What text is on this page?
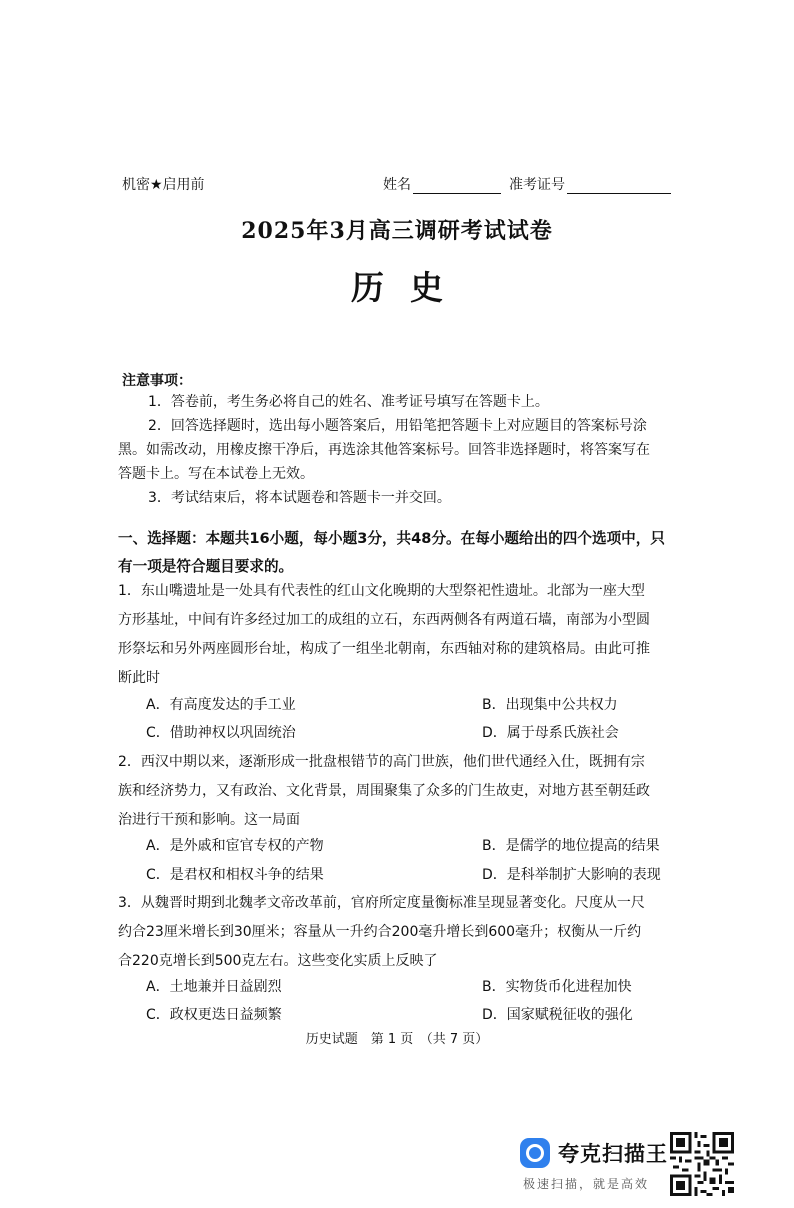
机密★启用前	姓名	准考证号
2025年3月高三调研考试试卷
历史
注意事项：
1．答卷前，考生务必将自己的姓名、准考证号填写在答题卡上。
2．回答选择题时，选出每小题答案后，用铅笔把答题卡上对应题目的答案标号涂
黑。如需改动，用橡皮擦干净后，再选涂其他答案标号。回答非选择题时，将答案写在
答题卡上。写在本试卷上无效。
3．考试结束后，将本试题卷和答题卡一并交回。
一、选择题：本题共16小题，每小题3分，共48分。在每小题给出的四个选项中，只
有一项是符合题目要求的。
1．东山嘴遗址是一处具有代表性的红山文化晚期的大型祭祀性遗址。北部为一座大型
方形基址，中间有许多经过加工的成组的立石，东西两侧各有两道石墙，南部为小型圆
形祭坛和另外两座圆形台址，构成了一组坐北朝南，东西轴对称的建筑格局。由此可推
断此时
A．有高度发达的手工业	B．出现集中公共权力
C．借助神权以巩固统治	D．属于母系氏族社会
2．西汉中期以来，逐渐形成一批盘根错节的高门世族，他们世代通经入仕，既拥有宗
族和经济势力，又有政治、文化背景，周围聚集了众多的门生故吏，对地方甚至朝廷政
治进行干预和影响。这一局面
A．是外戚和宦官专权的产物	B．是儒学的地位提高的结果
C．是君权和相权斗争的结果	D．是科举制扩大影响的表现
3．从魏晋时期到北魏孝文帝改革前，官府所定度量衡标准呈现显著变化。尺度从一尺
约合23厘米增长到30厘米；容量从一升约合200毫升增长到600毫升；权衡从一斤约
合220克增长到500克左右。这些变化实质上反映了
A．土地兼并日益剧烈	B．实物货币化进程加快
C．政权更迭日益频繁	D．国家赋税征收的强化
历史试题　第 1 页　（共 7 页）
夸克扫描王
极速扫描，就是高效
